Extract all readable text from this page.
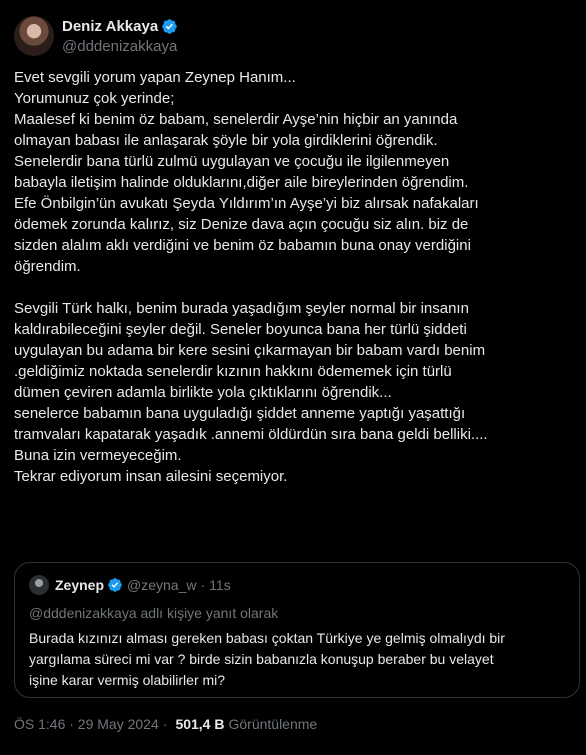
Deniz Akkaya
@dddenizakkaya

Evet sevgili yorum yapan Zeynep Hanım...

Yorumunuz çok yerinde;

Maalesef ki benim öz babam, senelerdir Ayşe’nin hiçbir an yanında

olmayan babası ile anlaşarak şöyle bir yola girdiklerini öğrendik.

Senelerdir bana türlü zulmü uygulayan ve çocuğu ile ilgilenmeyen

babayla iletişim halinde olduklarını,diğer aile bireylerinden öğrendim.

Efe Önbilgin’ün avukatı Şeyda Yıldırım’ın Ayşe’yi biz alırsak nafakaları

ödemek zorunda kalırız, siz Denize dava açın çocuğu siz alın. biz de

sizden alalım aklı verdiğini ve benim öz babamın buna onay verdiğini

öğrendim.

Sevgili Türk halkı, benim burada yaşadığım şeyler normal bir insanın

kaldırabileceğini şeyler değil. Seneler boyunca bana her türlü şiddeti

uygulayan bu adama bir kere sesini çıkarmayan bir babam vardı benim

.geldiğimiz noktada senelerdir kızının hakkını ödememek için türlü

dümen çeviren adamla birlikte yola çıktıklarını öğrendik...

senelerce babamın bana uyguladığı şiddet anneme yaptığı yaşattığı

tramvaları kapatarak yaşadık .annemi öldürdün sıra bana geldi belliki....

Buna izin vermeyeceğim.

Tekrar ediyorum insan ailesini seçemiyor.

Zeynep @zeyna_w · 11s
@dddenizakkaya adlı kişiye yanıt olarak

Burada kızınızı alması gereken babası çoktan Türkiye ye gelmiş olmalıydı bir

yargılama süreci mi var ? birde sizin babanızla konuşup beraber bu velayet

işine karar vermiş olabilirler mi?

ÖS 1:46 · 29 May 2024 · 501,4 B Görüntülenme
